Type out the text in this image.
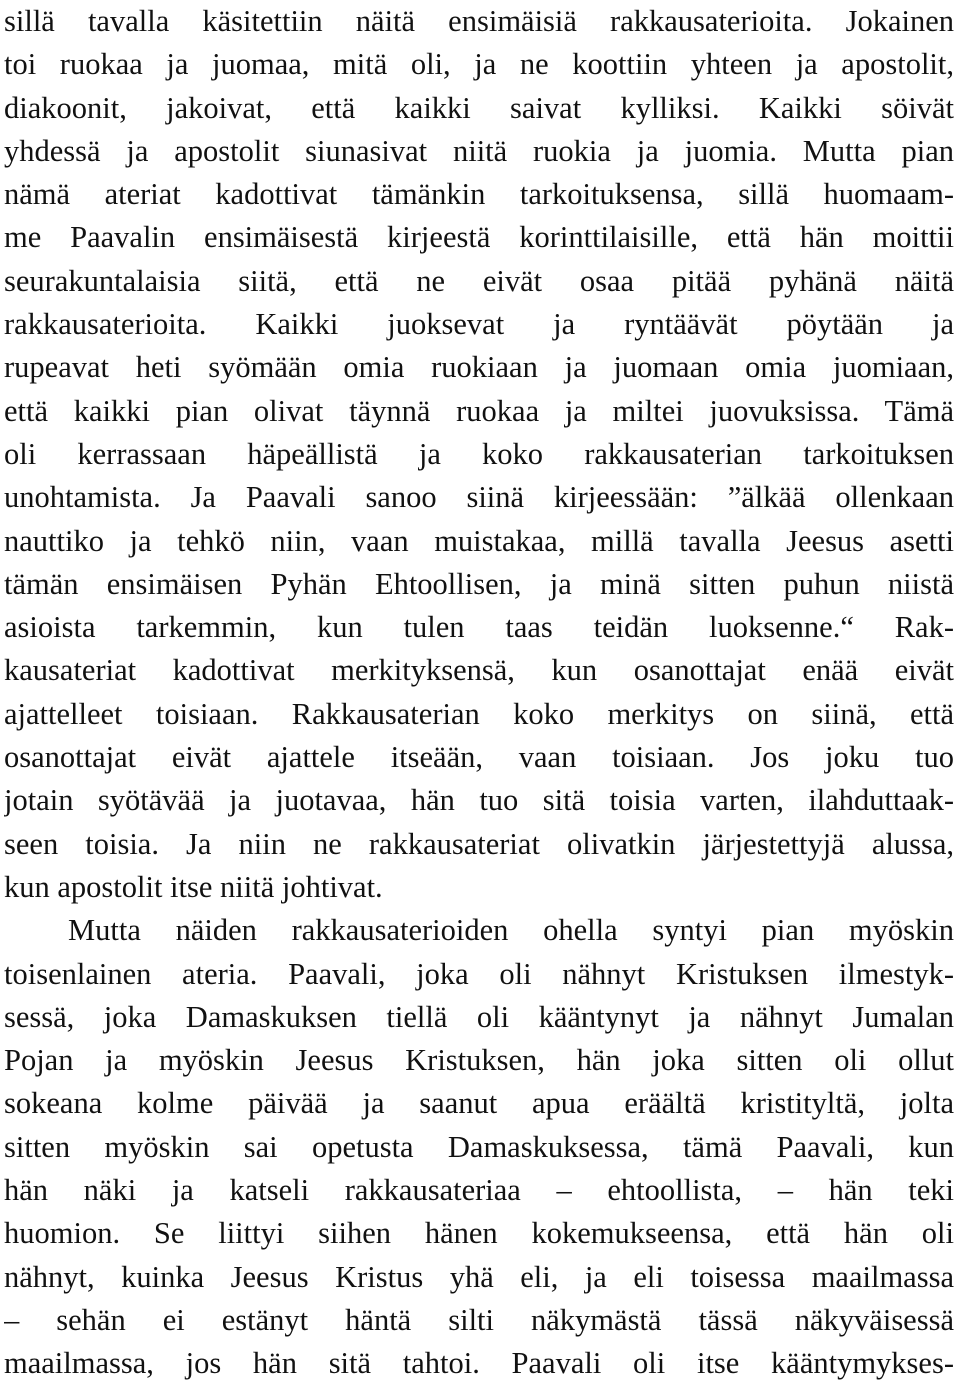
sillä tavalla käsitettiin näitä ensimäisiä rakkausaterioita. Jokainen
toi ruokaa ja juomaa, mitä oli, ja ne koottiin yhteen ja apostolit,
diakoonit, jakoivat, että kaikki saivat kylliksi. Kaikki söivät
yhdessä ja apostolit siunasivat niitä ruokia ja juomia. Mutta pian
nämä ateriat kadottivat tämänkin tarkoituksensa, sillä huomaam-
me Paavalin ensimäisestä kirjeestä korinttilaisille, että hän moittii
seurakuntalaisia siitä, että ne eivät osaa pitää pyhänä näitä
rakkausaterioita. Kaikki juoksevat ja ryntäävät pöytään ja
rupeavat heti syömään omia ruokiaan ja juomaan omia juomiaan,
että kaikki pian olivat täynnä ruokaa ja miltei juovuksissa. Tämä
oli kerrassaan häpeällistä ja koko rakkausaterian tarkoituksen
unohtamista. Ja Paavali sanoo siinä kirjeessään: ”älkää ollenkaan
nauttiko ja tehkö niin, vaan muistakaa, millä tavalla Jeesus asetti
tämän ensimäisen Pyhän Ehtoollisen, ja minä sitten puhun niistä
asioista tarkemmin, kun tulen taas teidän luoksenne.“ Rak-
kausateriat kadottivat merkityksensä, kun osanottajat enää eivät
ajattelleet toisiaan. Rakkausaterian koko merkitys on siinä, että
osanottajat eivät ajattele itseään, vaan toisiaan. Jos joku tuo
jotain syötävää ja juotavaa, hän tuo sitä toisia varten, ilahduttaak-
seen toisia. Ja niin ne rakkausateriat olivatkin järjestettyjä alussa,
kun apostolit itse niitä johtivat.
Mutta näiden rakkausaterioiden ohella syntyi pian myöskin
toisenlainen ateria. Paavali, joka oli nähnyt Kristuksen ilmestyk-
sessä, joka Damaskuksen tiellä oli kääntynyt ja nähnyt Jumalan
Pojan ja myöskin Jeesus Kristuksen, hän joka sitten oli ollut
sokeana kolme päivää ja saanut apua eräältä kristityltä, jolta
sitten myöskin sai opetusta Damaskuksessa, tämä Paavali, kun
hän näki ja katseli rakkausateriaa – ehtoollista, – hän teki
huomion. Se liittyi siihen hänen kokemukseensa, että hän oli
nähnyt, kuinka Jeesus Kristus yhä eli, ja eli toisessa maailmassa
– sehän ei estänyt häntä silti näkymästä tässä näkyväisessä
maailmassa, jos hän sitä tahtoi. Paavali oli itse kääntymykses-
